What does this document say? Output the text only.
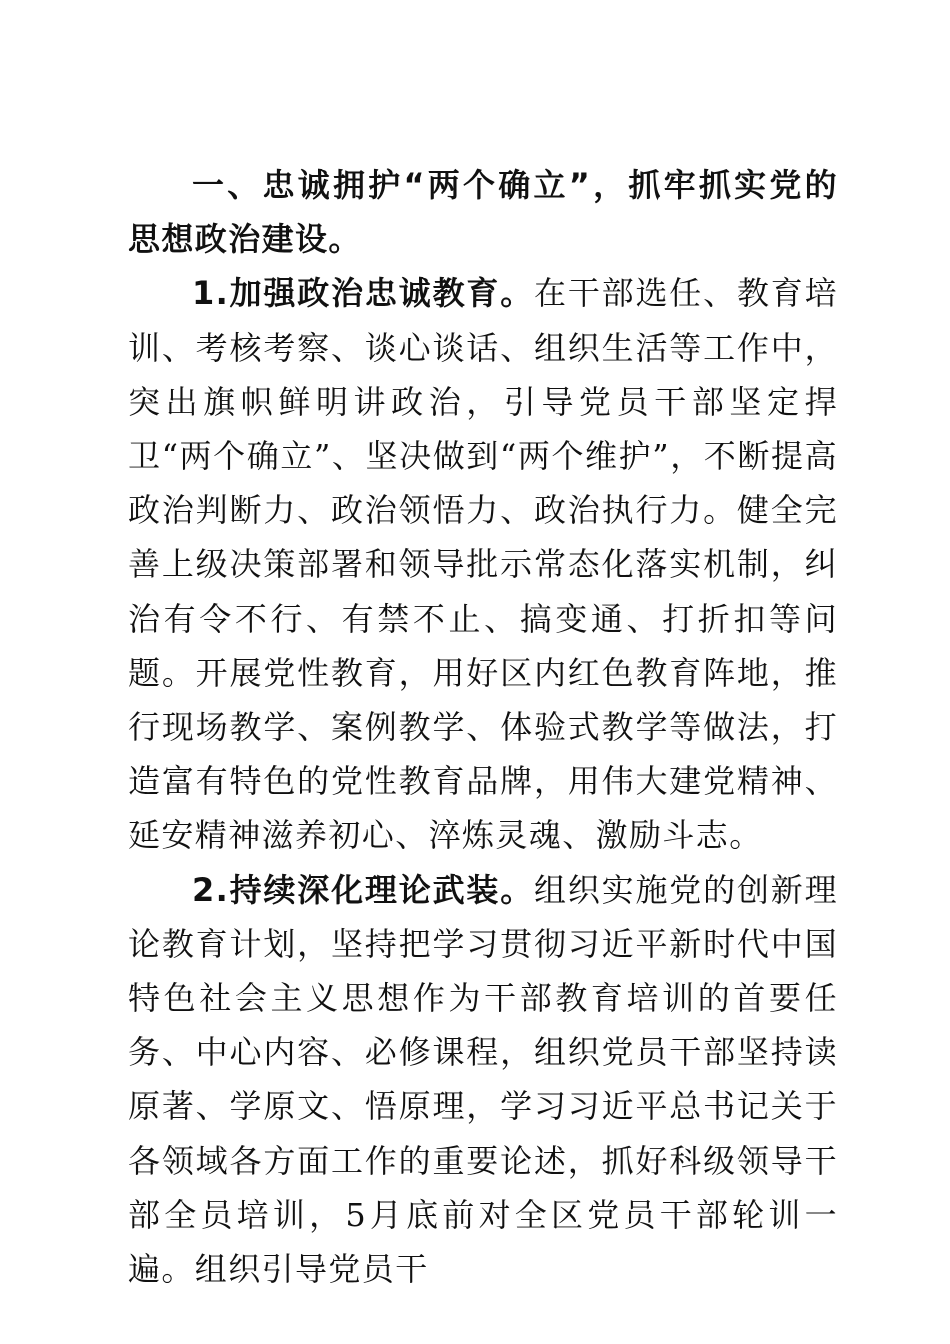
一、忠诚拥护“两个确立”，抓牢抓实党的思想政治建设。

1.加强政治忠诚教育。在干部选任、教育培训、考核考察、谈心谈话、组织生活等工作中，突出旗帜鲜明讲政治，引导党员干部坚定捍卫“两个确立”、坚决做到“两个维护”，不断提高政治判断力、政治领悟力、政治执行力。健全完善上级决策部署和领导批示常态化落实机制，纠治有令不行、有禁不止、搞变通、打折扣等问题。开展党性教育，用好区内红色教育阵地，推行现场教学、案例教学、体验式教学等做法，打造富有特色的党性教育品牌，用伟大建党精神、延安精神滋养初心、淬炼灵魂、激励斗志。

2.持续深化理论武装。组织实施党的创新理论教育计划，坚持把学习贯彻习近平新时代中国特色社会主义思想作为干部教育培训的首要任务、中心内容、必修课程，组织党员干部坚持读原著、学原文、悟原理，学习习近平总书记关于各领域各方面工作的重要论述，抓好科级领导干部全员培训，5月底前对全区党员干部轮训一遍。组织引导党员干
